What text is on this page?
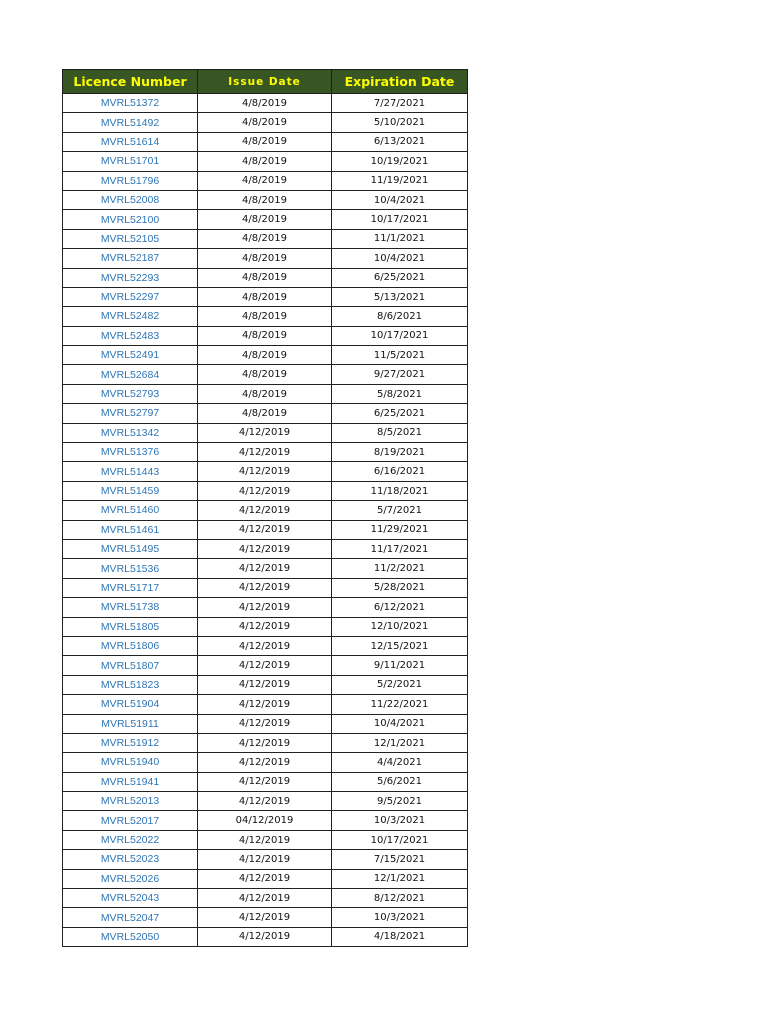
Licence Number	Issue Date	Expiration Date
MVRL51372	4/8/2019	7/27/2021
MVRL51492	4/8/2019	5/10/2021
MVRL51614	4/8/2019	6/13/2021
MVRL51701	4/8/2019	10/19/2021
MVRL51796	4/8/2019	11/19/2021
MVRL52008	4/8/2019	10/4/2021
MVRL52100	4/8/2019	10/17/2021
MVRL52105	4/8/2019	11/1/2021
MVRL52187	4/8/2019	10/4/2021
MVRL52293	4/8/2019	6/25/2021
MVRL52297	4/8/2019	5/13/2021
MVRL52482	4/8/2019	8/6/2021
MVRL52483	4/8/2019	10/17/2021
MVRL52491	4/8/2019	11/5/2021
MVRL52684	4/8/2019	9/27/2021
MVRL52793	4/8/2019	5/8/2021
MVRL52797	4/8/2019	6/25/2021
MVRL51342	4/12/2019	8/5/2021
MVRL51376	4/12/2019	8/19/2021
MVRL51443	4/12/2019	6/16/2021
MVRL51459	4/12/2019	11/18/2021
MVRL51460	4/12/2019	5/7/2021
MVRL51461	4/12/2019	11/29/2021
MVRL51495	4/12/2019	11/17/2021
MVRL51536	4/12/2019	11/2/2021
MVRL51717	4/12/2019	5/28/2021
MVRL51738	4/12/2019	6/12/2021
MVRL51805	4/12/2019	12/10/2021
MVRL51806	4/12/2019	12/15/2021
MVRL51807	4/12/2019	9/11/2021
MVRL51823	4/12/2019	5/2/2021
MVRL51904	4/12/2019	11/22/2021
MVRL51911	4/12/2019	10/4/2021
MVRL51912	4/12/2019	12/1/2021
MVRL51940	4/12/2019	4/4/2021
MVRL51941	4/12/2019	5/6/2021
MVRL52013	4/12/2019	9/5/2021
MVRL52017	04/12/2019	10/3/2021
MVRL52022	4/12/2019	10/17/2021
MVRL52023	4/12/2019	7/15/2021
MVRL52026	4/12/2019	12/1/2021
MVRL52043	4/12/2019	8/12/2021
MVRL52047	4/12/2019	10/3/2021
MVRL52050	4/12/2019	4/18/2021
